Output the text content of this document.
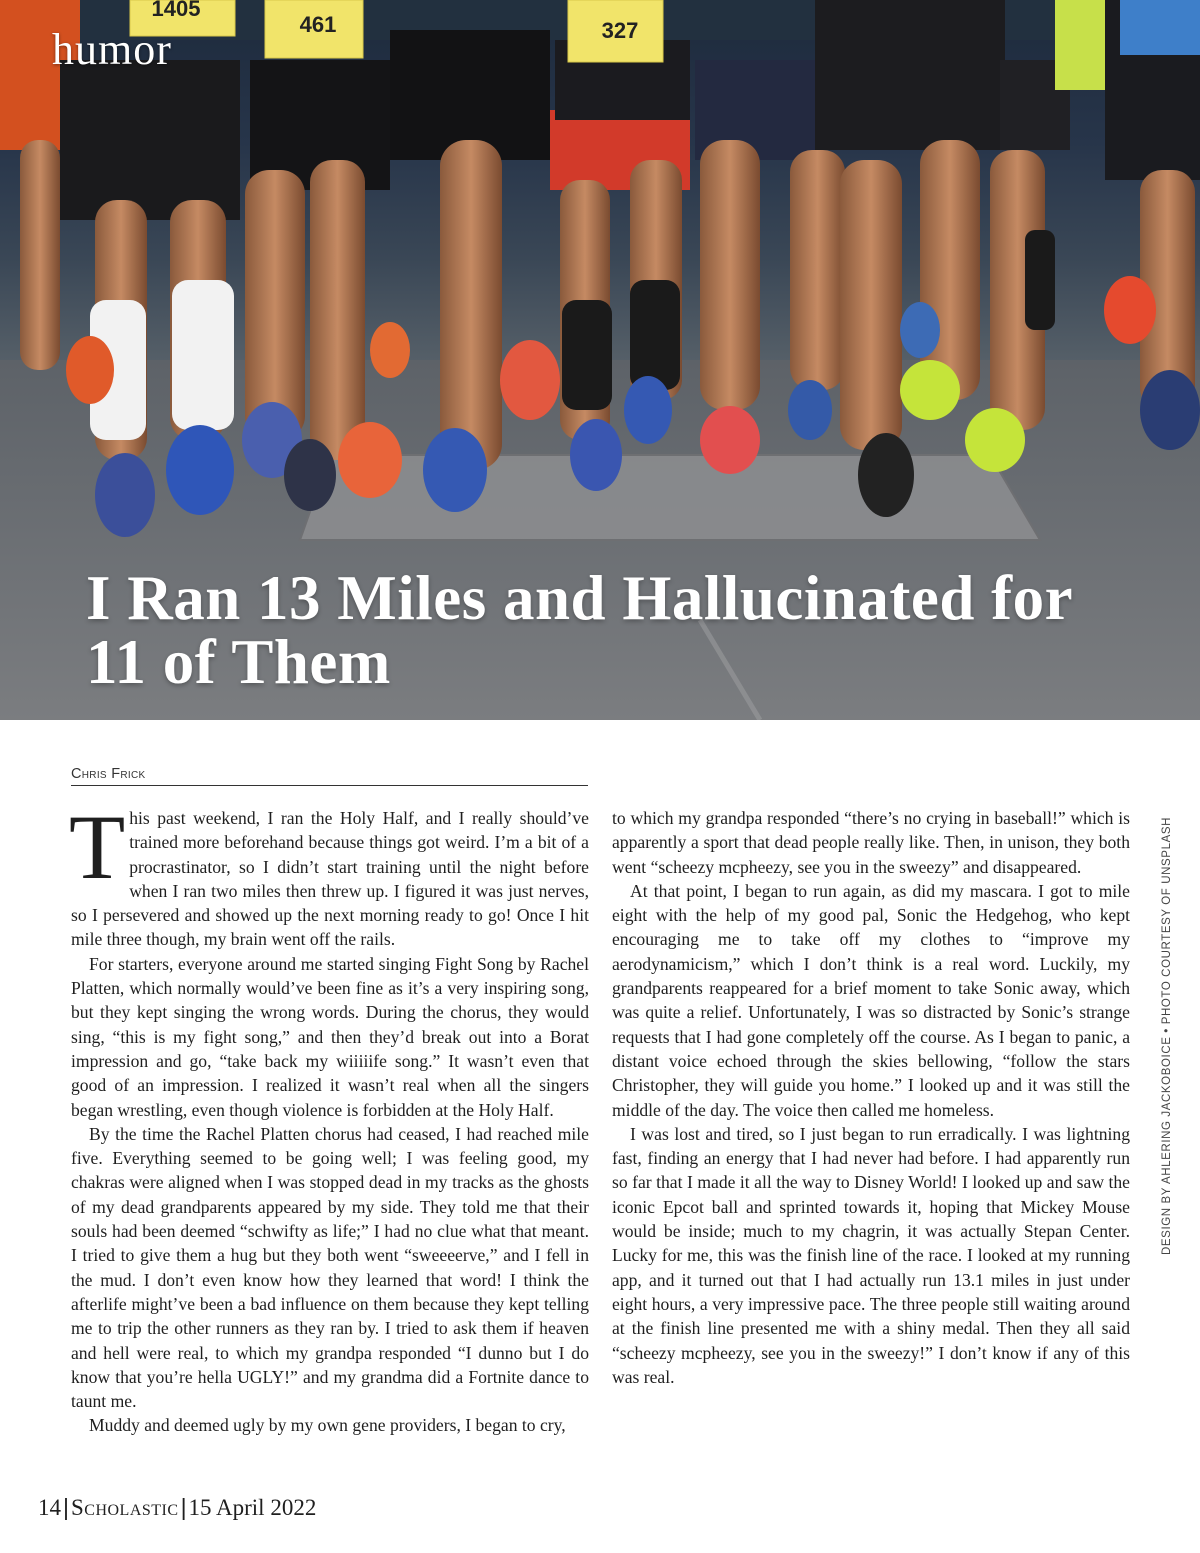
1405
461	327
humor
I Ran 13 Miles and Hallucinated for 11 of Them
Chris Frick

This past weekend, I ran the Holy Half, and I really should’ve trained more beforehand because things got weird. I’m a bit of a procrastinator, so I didn’t start training until the night before when I ran two miles then threw up. I figured it was just nerves, so I persevered and showed up the next morning ready to go! Once I hit mile three though, my brain went off the rails.

For starters, everyone around me started singing Fight Song by Rachel Platten, which normally would’ve been fine as it’s a very inspiring song, but they kept singing the wrong words. During the chorus, they would sing, “this is my fight song,” and then they’d break out into a Borat impression and go, “take back my wiiiiife song.” It wasn’t even that good of an impression. I realized it wasn’t real when all the singers began wrestling, even though violence is forbidden at the Holy Half.

By the time the Rachel Platten chorus had ceased, I had reached mile five. Everything seemed to be going well; I was feeling good, my chakras were aligned when I was stopped dead in my tracks as the ghosts of my dead grandparents appeared by my side. They told me that their souls had been deemed “schwifty as life;” I had no clue what that meant. I tried to give them a hug but they both went “sweeeerve,” and I fell in the mud. I don’t even know how they learned that word! I think the afterlife might’ve been a bad influence on them because they kept telling me to trip the other runners as they ran by. I tried to ask them if heaven and hell were real, to which my grandpa responded “I dunno but I do know that you’re hella UGLY!” and my grandma did a Fortnite dance to taunt me.

Muddy and deemed ugly by my own gene providers, I began to cry,

to which my grandpa responded “there’s no crying in baseball!” which is apparently a sport that dead people really like. Then, in unison, they both went “scheezy mcpheezy, see you in the sweezy” and disappeared.

At that point, I began to run again, as did my mascara. I got to mile eight with the help of my good pal, Sonic the Hedgehog, who kept encouraging me to take off my clothes to “improve my aerodynamicism,” which I don’t think is a real word. Luckily, my grandparents reappeared for a brief moment to take Sonic away, which was quite a relief. Unfortunately, I was so distracted by Sonic’s strange requests that I had gone completely off the course. As I began to panic, a distant voice echoed through the skies bellowing, “follow the stars Christopher, they will guide you home.” I looked up and it was still the middle of the day. The voice then called me homeless.

I was lost and tired, so I just began to run erradically. I was lightning fast, finding an energy that I had never had before. I had apparently run so far that I made it all the way to Disney World! I looked up and saw the iconic Epcot ball and sprinted towards it, hoping that Mickey Mouse would be inside; much to my chagrin, it was actually Stepan Center. Lucky for me, this was the finish line of the race. I looked at my running app, and it turned out that I had actually run 13.1 miles in just under eight hours, a very impressive pace. The three people still waiting around at the finish line presented me with a shiny medal. Then they all said “scheezy mcpheezy, see you in the sweezy!” I don’t know if any of this was real.

DESIGN BY AHLERING JACKOBOICE • PHOTO COURTESY OF UNSPLASH
14|Scholastic|15 April 2022
